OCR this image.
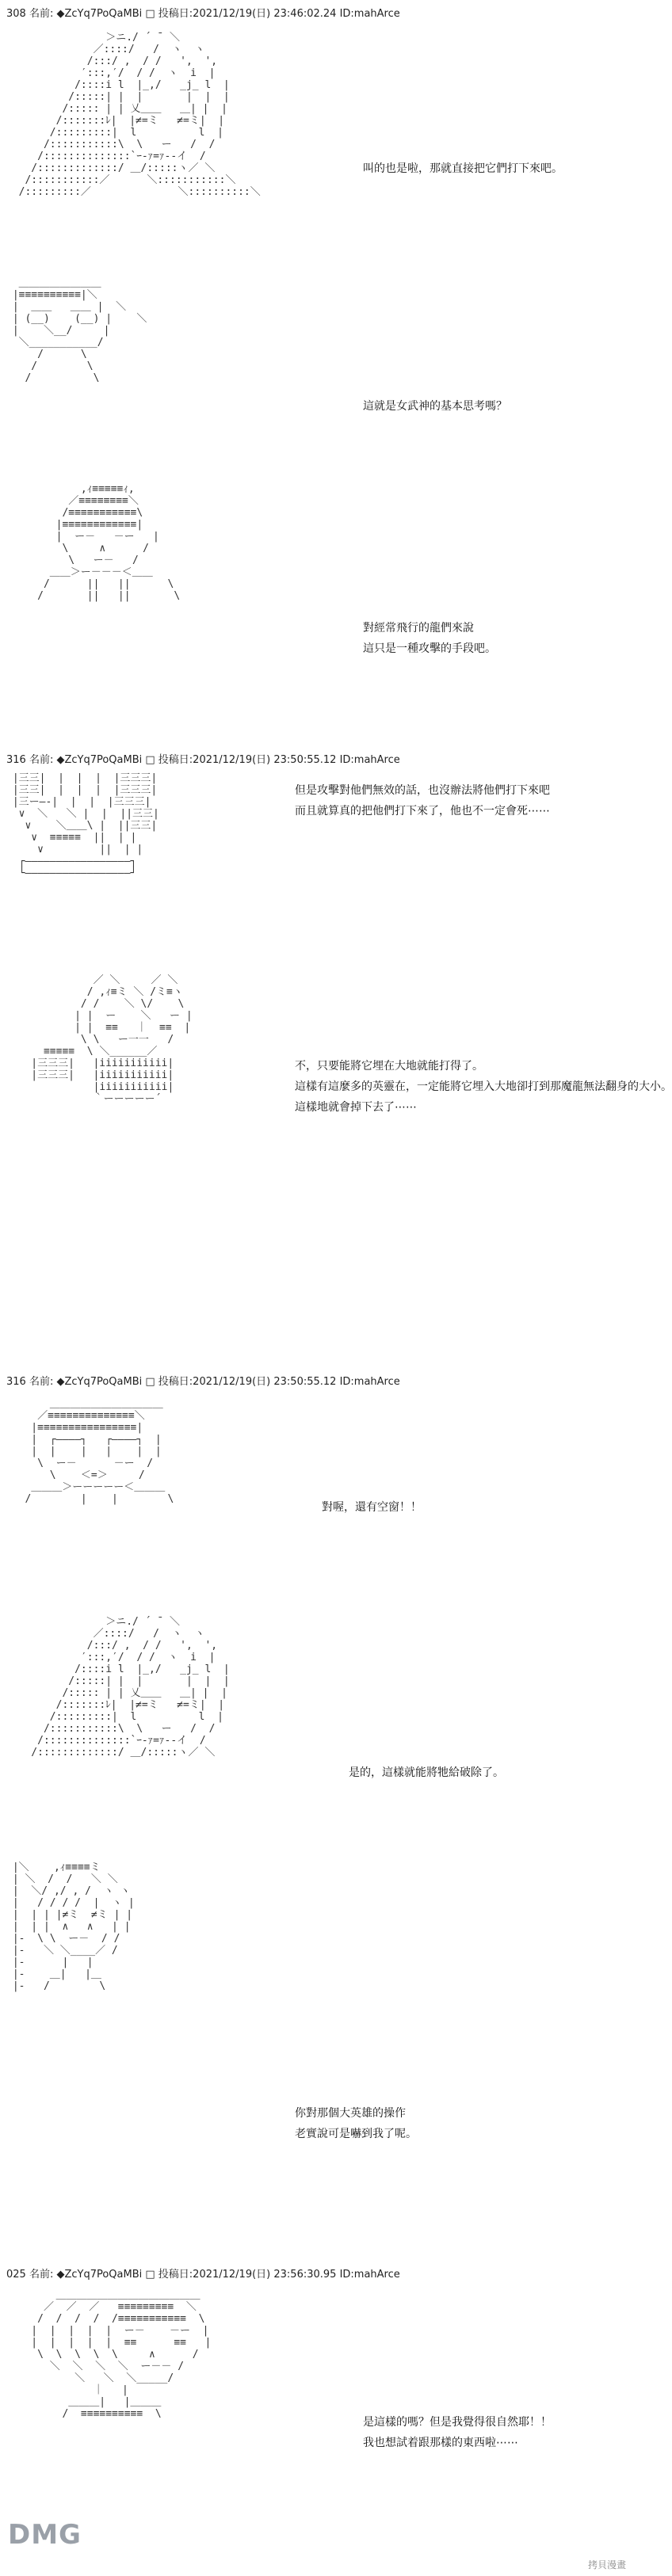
308 名前: ◆ZcYq7PoQaMBi □ 投稿日:2021/12/19(日) 23:46:02.24 ID:mahArce
＞ニ./ ´ ̄  ＼
／::::/   /  ヽ  ヽ
/:::/ ,  / /   ',  ',
′:::,′/  / /  ヽ  i  |
/::::i l  |_,/   _j_ l  |
/:::::| |  |       |  |  |
/::::: | | 乂＿＿   ＿| |  |
/:::::::ﾚ|  |≠=ミ   ≠=ミ|  |
/:::::::::|  l          l  |
/:::::::::::\  \   ー   /  /
/::::::::::::::`ｰ-ｧ=ｧ--イ  /
/:::::::::::::/ ＿/:::::ヽ／ ＼
/:::::::::::／      ＼:::::::::::＼
/:::::::::／              ＼::::::::::＼

叫的也是啦，那就直接把它們打下來吧。
＿＿＿＿＿＿＿＿
|≡≡≡≡≡≡≡≡≡≡|＼
|  ＿＿   ＿＿ |  ＼
| (__)    (__) |    ＼
|    ＼__/     |
＼___________/
/      \
/        \
/          \

這就是女武神的基本思考嗎？
,ｨ≡≡≡≡≡ｨ,
／≡≡≡≡≡≡≡≡＼
/≡≡≡≡≡≡≡≡≡≡≡\
|≡≡≡≡≡≡≡≡≡≡≡≡|
|  ー－   －ー   |
\     ∧      /
\   ー－   /
＿＿＞ー－－－＜＿＿
/      ||   ||      \
/       ||   ||       \

對經常飛行的龍們來說
這只是一種攻擊的手段吧。
316 名前: ◆ZcYq7PoQaMBi □ 投稿日:2021/12/19(日) 23:50:55.12 ID:mahArce
|三三|  |  |  |  |三三三|
|三三|  |  |  |  |三三三|
|三ー―-|  |  |  |三三三|
∨  ＼   ＼ |  |  ||三三|
∨    ＼＿＿\ |  ||三三|
∨  ≡≡≡≡≡  ||  | |
∨         ||  | |
┌―――――――――――――――――┐
└―――――――――――――――――┘

但是攻擊對他們無效的話，也沒辦法將他們打下來吧
而且就算真的把他們打下來了，他也不一定會死⋯⋯
／ ＼     ／ ＼
/ ,ｨ≡ミ ＼ /ミ≡ヽ
/ /    ＼ \/    \
| |  ー    ＼   ー |
| |  ≡≡   ｜  ≡≡  |
\ \   ー一一   /
≡≡≡≡≡  \ ＼______／
|三三三|   |iiiiiiiiiii|
|三三三|   |iiiiiiiiiii|
|iiiiiiiiiii|
｀ーーーーー´

不，只要能將它埋在大地就能打得了。
這樣有這麼多的英靈在，一定能將它埋入大地卻打到那魔龍無法翻身的大小。
這樣地就會掉下去了⋯⋯
316 名前: ◆ZcYq7PoQaMBi □ 投稿日:2021/12/19(日) 23:50:55.12 ID:mahArce
＿＿＿＿＿＿＿＿＿＿＿
／≡≡≡≡≡≡≡≡≡≡≡≡≡≡＼
|≡≡≡≡≡≡≡≡≡≡≡≡≡≡≡≡|
|  ┌――――┐   ┌――――┐  |
|  |    |   |    |  |
\  ー－      －ー  /
\    ＜=＞     /
＿＿＿＞ーーーーー＜＿＿＿
/        |    |        \

對喔，還有空窗！！
＞ニ./ ´ ̄  ＼
／::::/   /  ヽ  ヽ
/:::/ ,  / /   ',  ',
′:::,′/  / /  ヽ  i  |
/::::i l  |_,/   _j_ l  |
/:::::| |  |       |  |  |
/::::: | | 乂＿＿   ＿| |  |
/:::::::ﾚ|  |≠=ミ   ≠=ミ|  |
/:::::::::|  l          l  |
/:::::::::::\  \   ー   /  /
/::::::::::::::`ｰ-ｧ=ｧ--イ  /
/:::::::::::::/ ＿/:::::ヽ／ ＼

是的，這樣就能將牠給破除了。
|＼    ,ｨ≡≡≡≡ミ
| ＼  /  /   ＼ ＼
|  ＼/ ,/ , /  ヽ ヽ
|   / / / /  |  ヽ |
|  | | |≠ミ  ≠ミ | |
|  | |  ∧   ∧   | |
|-  \ \  ー－  / /
|-   ＼ ＼____／ /
|-      |   |
|-    ＿|   |＿
|-   /        \

你對那個大英雄的操作
老實說可是嚇到我了呢。
025 名前: ◆ZcYq7PoQaMBi □ 投稿日:2021/12/19(日) 23:56:30.95 ID:mahArce
＿＿＿＿＿＿＿＿＿＿＿＿＿＿
／  ／  ／   ≡≡≡≡≡≡≡≡≡  ＼
/  /  /  /  /≡≡≡≡≡≡≡≡≡≡≡  \
|  |  |  |  |  ー－    －ー  |
|  |  |  |  |  ≡≡      ≡≡   |
\  \  \  \  \     ∧      /
＼  ＼  ＼  ＼  ー－－ /
＼   ＼  ＼_____/
｜   |
＿＿＿|   |＿＿＿
/  ≡≡≡≡≡≡≡≡≡≡  \

是這樣的嗎？但是我覺得很自然耶！！
我也想試着跟那樣的東西啦⋯⋯
DMG
拷貝漫畫
